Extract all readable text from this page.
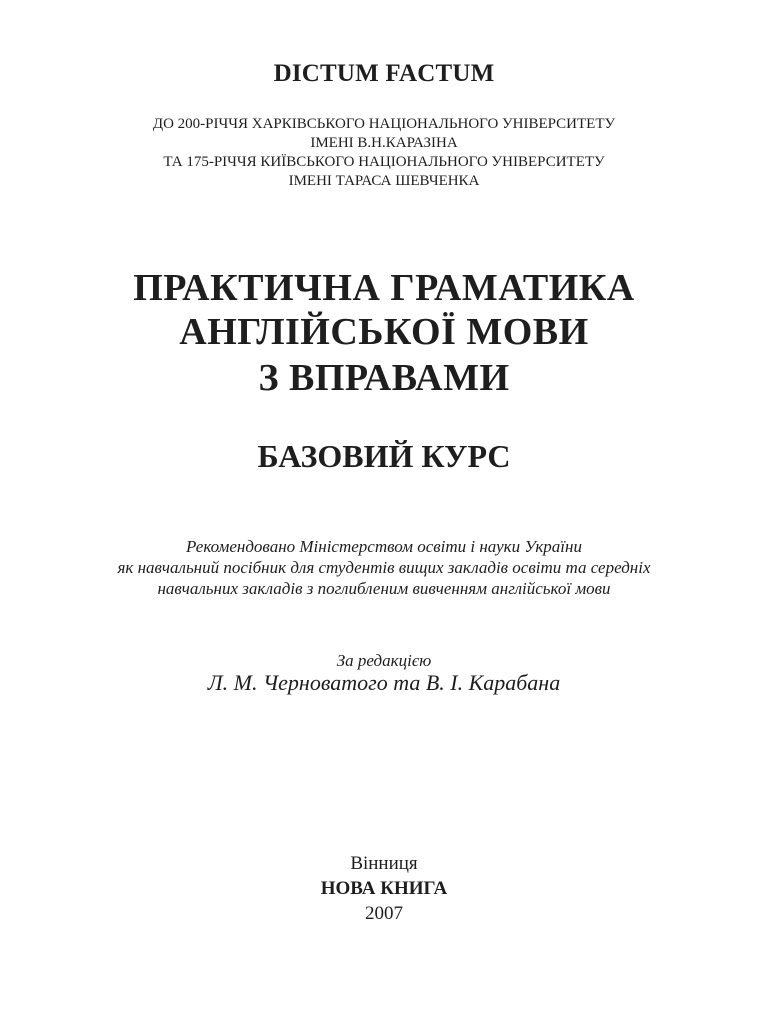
DICTUM FACTUM

ДО 200-РІЧЧЯ ХАРКІВСЬКОГО НАЦІОНАЛЬНОГО УНІВЕРСИТЕТУ

ІМЕНІ В.Н.КАРАЗІНА

ТА 175-РІЧЧЯ КИЇВСЬКОГО НАЦІОНАЛЬНОГО УНІВЕРСИТЕТУ

ІМЕНІ ТАРАСА ШЕВЧЕНКА

ПРАКТИЧНА ГРАМАТИКА

АНГЛІЙСЬКОЇ МОВИ

З ВПРАВАМИ

БАЗОВИЙ КУРС

Рекомендовано Міністерством освіти і науки України

як навчальний посібник для студентів вищих закладів освіти та середніх

навчальних закладів з поглибленим вивченням англійської мови

За редакцією

Л. М. Черноватого та В. І. Карабана

Вінниця

НОВА КНИГА

2007
